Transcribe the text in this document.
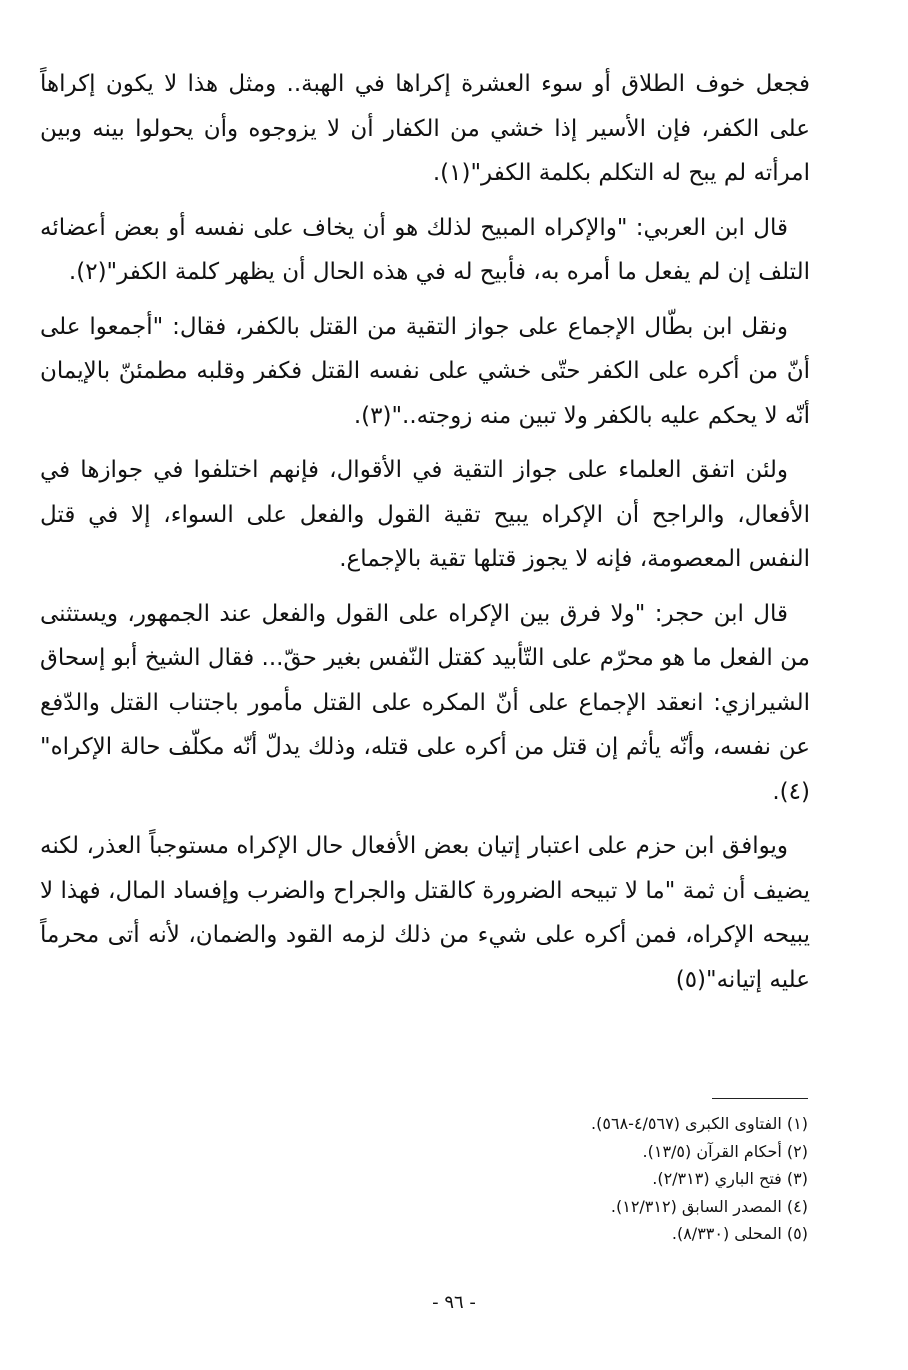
فجعل خوف الطلاق أو سوء العشرة إكراها في الهبة.. ومثل هذا لا يكون إكراهاً على الكفر، فإن الأسير إذا خشي من الكفار أن لا يزوجوه وأن يحولوا بينه وبين امرأته لم يبح له التكلم بكلمة الكفر"(١).

قال ابن العربي: "والإكراه المبيح لذلك هو أن يخاف على نفسه أو بعض أعضائه التلف إن لم يفعل ما أمره به، فأبيح له في هذه الحال أن يظهر كلمة الكفر"(٢).

ونقل ابن بطّال الإجماع على جواز التقية من القتل بالكفر، فقال: "أجمعوا على أنّ من أكره على الكفر حتّى خشي على نفسه القتل فكفر وقلبه مطمئنّ بالإيمان أنّه لا يحكم عليه بالكفر ولا تبين منه زوجته.."(٣).

ولئن اتفق العلماء على جواز التقية في الأقوال، فإنهم اختلفوا في جوازها في الأفعال، والراجح أن الإكراه يبيح تقية القول والفعل على السواء، إلا في قتل النفس المعصومة، فإنه لا يجوز قتلها تقية بالإجماع.

قال ابن حجر: "ولا فرق بين الإكراه على القول والفعل عند الجمهور، ويستثنى من الفعل ما هو محرّم على التّأبيد كقتل النّفس بغير حقّ... فقال الشيخ أبو إسحاق الشيرازي: انعقد الإجماع على أنّ المكره على القتل مأمور باجتناب القتل والدّفع عن نفسه، وأنّه يأثم إن قتل من أكره على قتله، وذلك يدلّ أنّه مكلّف حالة الإكراه"(٤).

ويوافق ابن حزم على اعتبار إتيان بعض الأفعال حال الإكراه مستوجباً العذر، لكنه يضيف أن ثمة "ما لا تبيحه الضرورة كالقتل والجراح والضرب وإفساد المال، فهذا لا يبيحه الإكراه، فمن أكره على شيء من ذلك لزمه القود والضمان، لأنه أتى محرماً عليه إتيانه"(٥)

(١) الفتاوى الكبرى (٤/٥٦٧-٥٦٨).

(٢) أحكام القرآن (١٣/٥).

(٣) فتح الباري (٢/٣١٣).

(٤) المصدر السابق (١٢/٣١٢).

(٥) المحلى (٨/٣٣٠).

- ٩٦ -
